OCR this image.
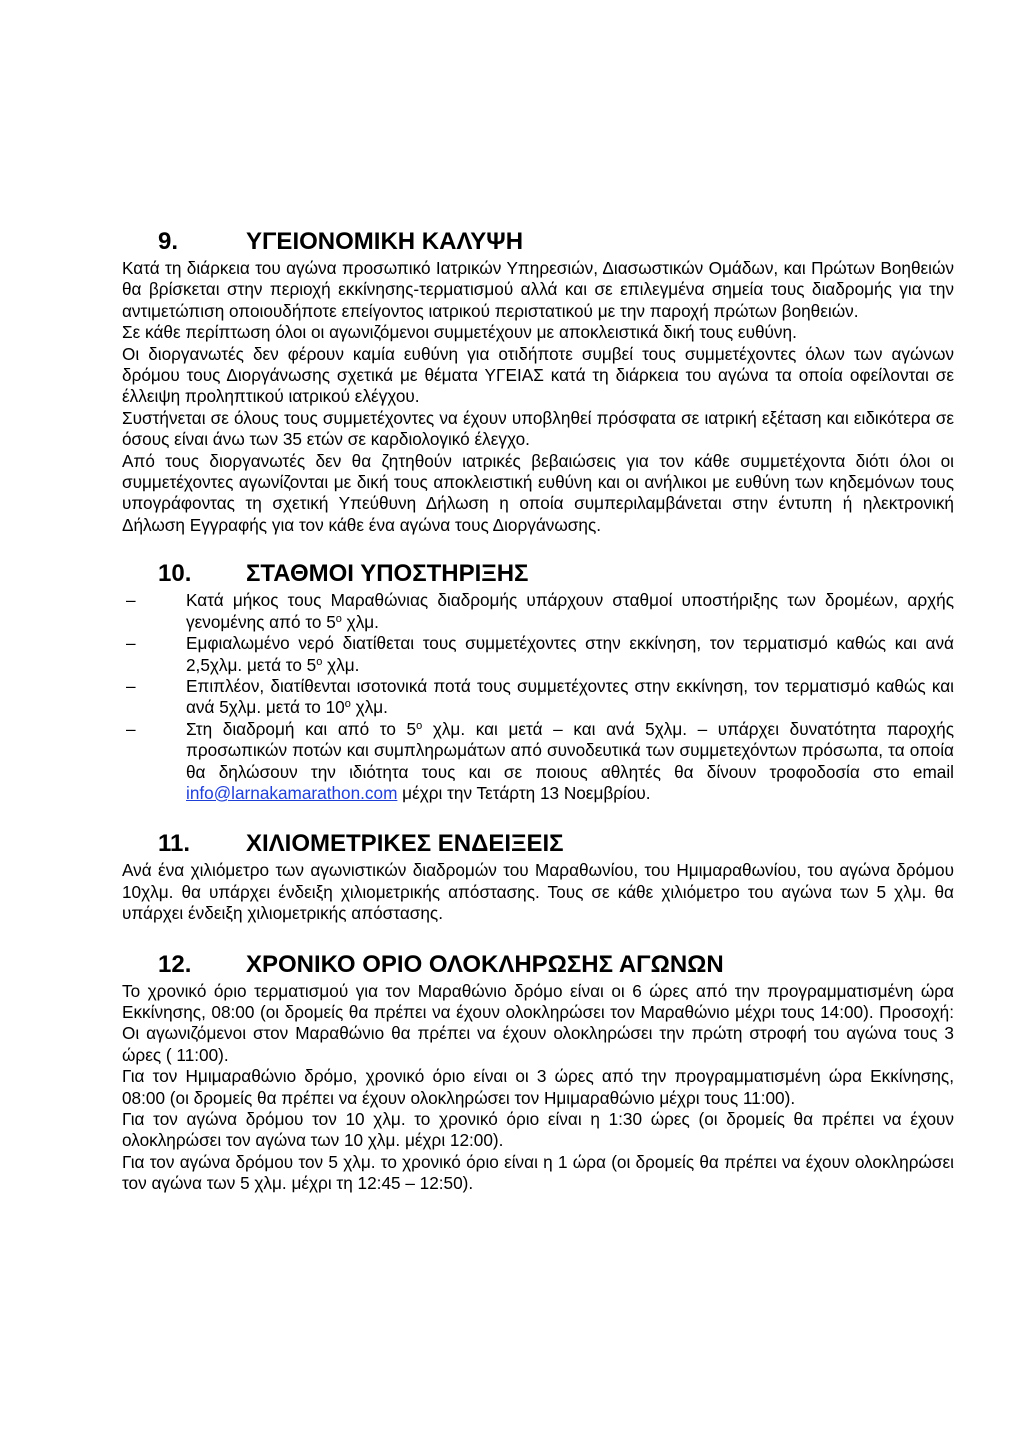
9.	ΥΓΕΙΟΝΟΜΙΚΗ ΚΑΛΥΨΗ

Κατά τη διάρκεια του αγώνα προσωπικό Ιατρικών Υπηρεσιών, Διασωστικών Ομάδων, και Πρώτων Βοηθειών θα βρίσκεται στην περιοχή εκκίνησης-τερματισμού αλλά και σε επιλεγμένα σημεία τους διαδρομής για την αντιμετώπιση οποιουδήποτε επείγοντος ιατρικού περιστατικού με την παροχή πρώτων βοηθειών.

Σε κάθε περίπτωση όλοι οι αγωνιζόμενοι συμμετέχουν με αποκλειστικά δική τους ευθύνη.

Οι διοργανωτές δεν φέρουν καμία ευθύνη για οτιδήποτε συμβεί τους συμμετέχοντες όλων των αγώνων δρόμου τους Διοργάνωσης σχετικά με θέματα ΥΓΕΙΑΣ κατά τη διάρκεια του αγώνα τα οποία οφείλονται σε έλλειψη προληπτικού ιατρικού ελέγχου.

Συστήνεται σε όλους τους συμμετέχοντες να έχουν υποβληθεί πρόσφατα σε ιατρική εξέταση και ειδικότερα σε όσους είναι άνω των 35 ετών σε καρδιολογικό έλεγχο.

Από τους διοργανωτές δεν θα ζητηθούν ιατρικές βεβαιώσεις για τον κάθε συμμετέχοντα διότι όλοι οι συμμετέχοντες αγωνίζονται με δική τους αποκλειστική ευθύνη και οι ανήλικοι με ευθύνη των κηδεμόνων τους υπογράφοντας τη σχετική Υπεύθυνη Δήλωση η οποία συμπεριλαμβάνεται στην έντυπη ή ηλεκτρονική Δήλωση Εγγραφής για τον κάθε ένα αγώνα τους Διοργάνωσης.

10.	ΣΤΑΘΜΟΙ ΥΠΟΣΤΗΡΙΞΗΣ
–	Κατά μήκος τους Μαραθώνιας διαδρομής υπάρχουν σταθμοί υποστήριξης των δρομέων, αρχής γενομένης από το $5^o$ χλμ.
–	Εμφιαλωμένο νερό διατίθεται τους συμμετέχοντες στην εκκίνηση, τον τερματισμό καθώς και ανά 2,5χλμ. μετά το $5^o$ χλμ.
–	Επιπλέον, διατίθενται ισοτονικά ποτά τους συμμετέχοντες στην εκκίνηση, τον τερματισμό καθώς και ανά 5χλμ. μετά το $10^o$ χλμ.
–	Στη διαδρομή και από το $5^o$ χλμ. και μετά – και ανά 5χλμ. – υπάρχει δυνατότητα παροχής προσωπικών ποτών και συμπληρωμάτων από συνοδευτικά των συμμετεχόντων πρόσωπα, τα οποία θα δηλώσουν την ιδιότητα τους και σε ποιους αθλητές θα δίνουν τροφοδοσία στο email info@larnakamarathon.com μέχρι την Τετάρτη 13 Νοεμβρίου.
11.	ΧΙΛΙΟΜΕΤΡΙΚΕΣ ΕΝΔΕΙΞΕΙΣ

Ανά ένα χιλιόμετρο των αγωνιστικών διαδρομών του Μαραθωνίου, του Ημιμαραθωνίου, του αγώνα δρόμου 10χλμ. θα υπάρχει ένδειξη χιλιομετρικής απόστασης. Τους σε κάθε χιλιόμετρο του αγώνα των 5 χλμ. θα υπάρχει ένδειξη χιλιομετρικής απόστασης.

12.	ΧΡΟΝΙΚΟ ΟΡΙΟ ΟΛΟΚΛΗΡΩΣΗΣ ΑΓΩΝΩΝ

Το χρονικό όριο τερματισμού για τον Μαραθώνιο δρόμο είναι οι 6 ώρες από την προγραμματισμένη ώρα Εκκίνησης, 08:00 (οι δρομείς θα πρέπει να έχουν ολοκληρώσει τον Μαραθώνιο μέχρι τους 14:00). Προσοχή: Οι αγωνιζόμενοι στον Μαραθώνιο θα πρέπει να έχουν ολοκληρώσει την πρώτη στροφή του αγώνα τους 3 ώρες ( 11:00).

Για τον Ημιμαραθώνιο δρόμο, χρονικό όριο είναι οι 3 ώρες από την προγραμματισμένη ώρα Εκκίνησης, 08:00 (οι δρομείς θα πρέπει να έχουν ολοκληρώσει τον Ημιμαραθώνιο μέχρι τους 11:00).

Για τον αγώνα δρόμου τον 10 χλμ. το χρονικό όριο είναι η 1:30 ώρες (οι δρομείς θα πρέπει να έχουν ολοκληρώσει τον αγώνα των 10 χλμ. μέχρι 12:00).

Για τον αγώνα δρόμου τον 5 χλμ. το χρονικό όριο είναι η 1 ώρα (οι δρομείς θα πρέπει να έχουν ολοκληρώσει τον αγώνα των 5 χλμ. μέχρι τη 12:45 – 12:50).
